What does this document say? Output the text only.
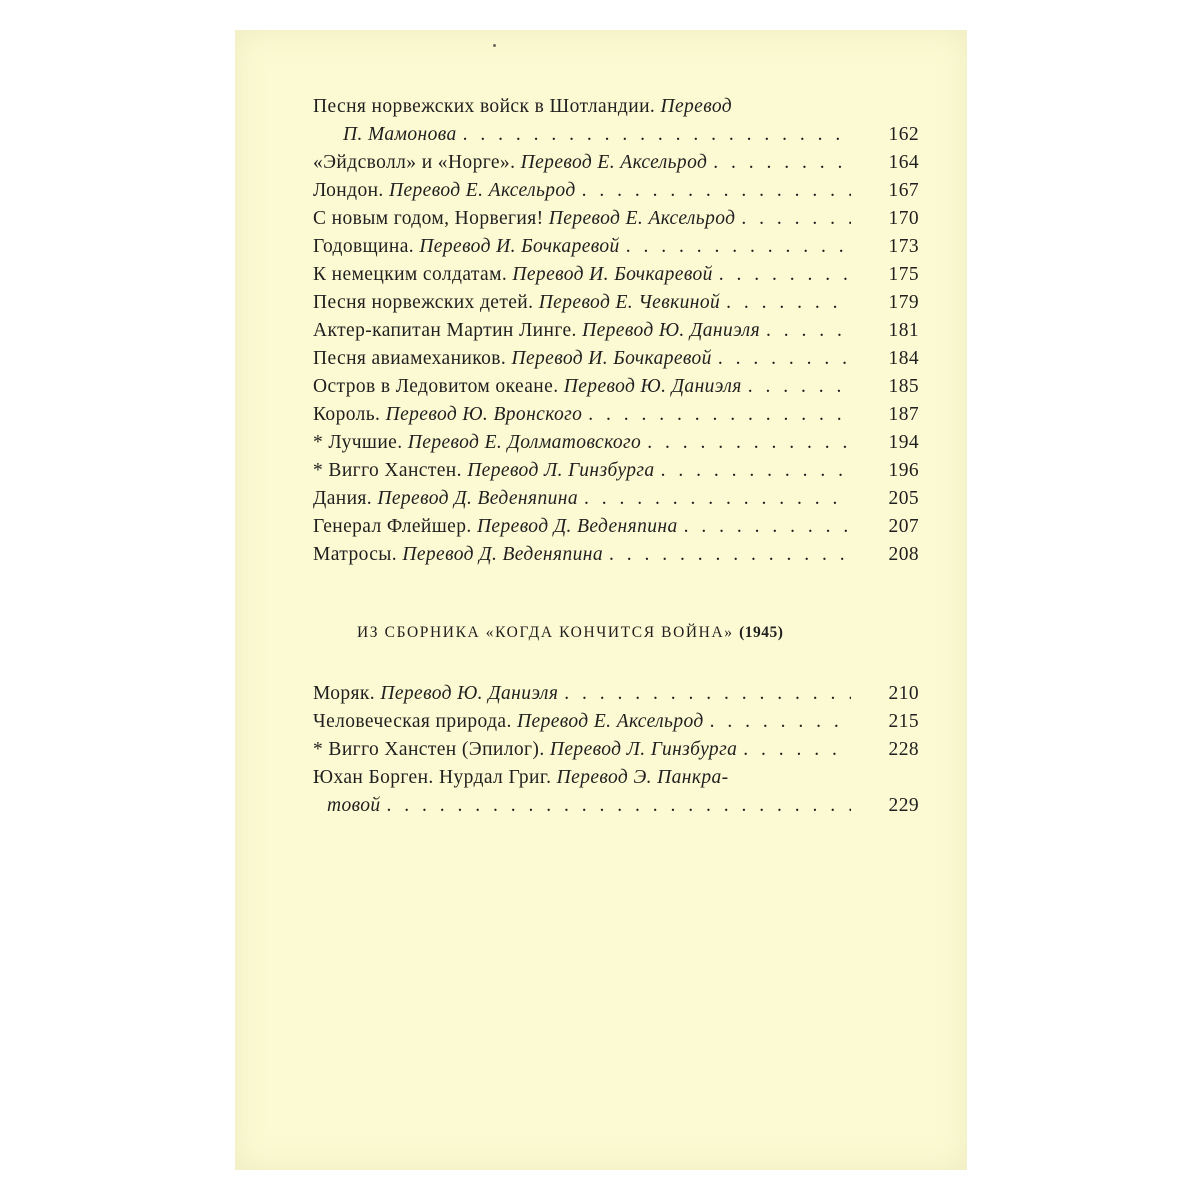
Песня норвежских войск в Шотландии.
Перевод
П. Мамонова . . .	162
«Эйдсволл» и «Норге».
Перевод Е. Аксельрод . . .	164
Лондон.
Перевод Е. Аксельрод . . .	167
С новым годом, Норвегия!
Перевод Е. Аксельрод . . .	170
Годовщина.
Перевод И. Бочкаревой . . .	173
К немецким солдатам.
Перевод И. Бочкаревой . . .	175
Песня норвежских детей.
Перевод Е. Чевкиной . . .	179
Актер-капитан Мартин Линге.
Перевод Ю. Даниэля . . .	181
Песня авиамехаников.
Перевод И. Бочкаревой . . .	184
Остров в Ледовитом океане.
Перевод Ю. Даниэля . . .	185
Король.
Перевод Ю. Вронского . . .	187
* Лучшие.
Перевод Е. Долматовского . . .	194
* Вигго Ханстен.
Перевод Л. Гинзбурга . . .	196
Дания.
Перевод Д. Веденяпина . . .	205
Генерал Флейшер.
Перевод Д. Веденяпина . . .	207
Матросы.
Перевод Д. Веденяпина . . .	208
ИЗ СБОРНИКА «КОГДА КОНЧИТСЯ ВОЙНА» (1945)
Моряк.
Перевод Ю. Даниэля . . .	210
Человеческая природа.
Перевод Е. Аксельрод . . .	215
* Вигго Ханстен (Эпилог).
Перевод Л. Гинзбурга . . .	228
Юхан Борген. Нурдал Григ.
Перевод Э. Панкра-
товой . . .	229
